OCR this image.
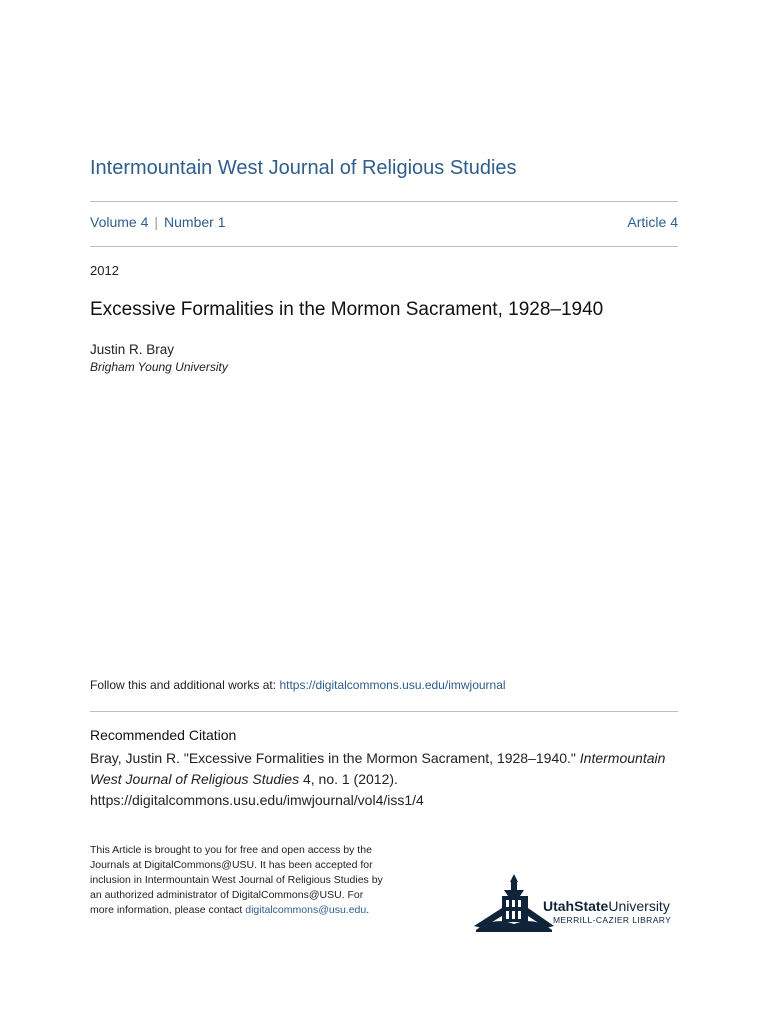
Intermountain West Journal of Religious Studies
Volume 4 | Number 1	Article 4
2012
Excessive Formalities in the Mormon Sacrament, 1928–1940
Justin R. Bray
Brigham Young University
Follow this and additional works at: https://digitalcommons.usu.edu/imwjournal
Recommended Citation
Bray, Justin R. "Excessive Formalities in the Mormon Sacrament, 1928–1940." Intermountain West Journal of Religious Studies 4, no. 1 (2012). https://digitalcommons.usu.edu/imwjournal/vol4/iss1/4
This Article is brought to you for free and open access by the Journals at DigitalCommons@USU. It has been accepted for inclusion in Intermountain West Journal of Religious Studies by an authorized administrator of DigitalCommons@USU. For more information, please contact digitalcommons@usu.edu.	UtahStateUniversity
MERRILL-CAZIER LIBRARY
